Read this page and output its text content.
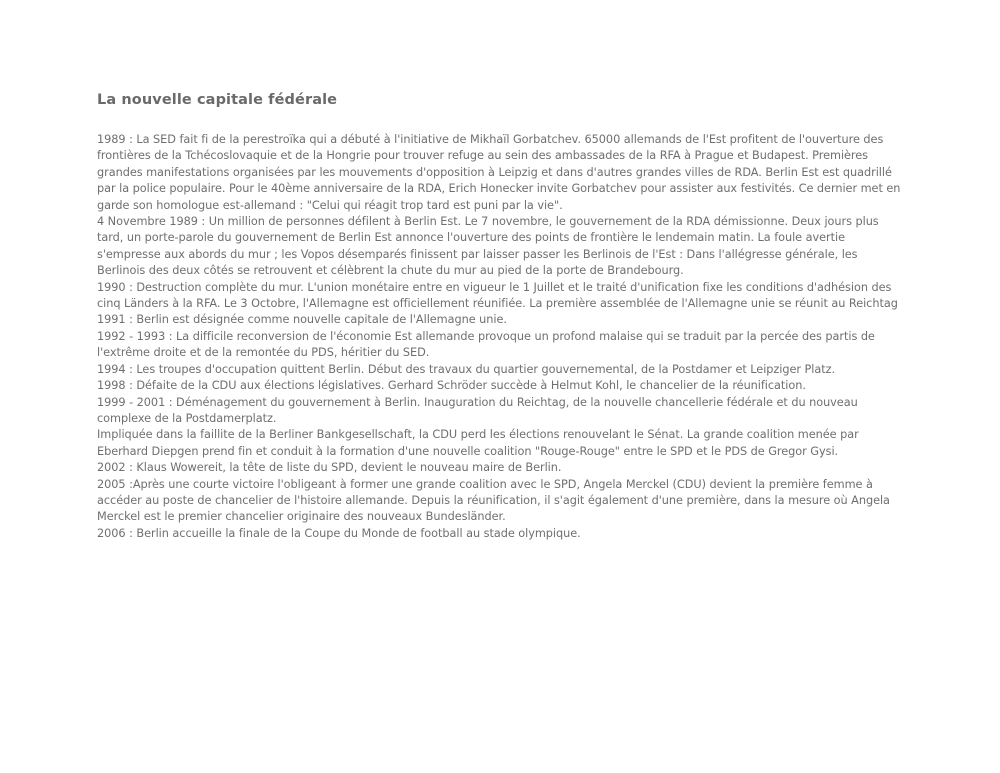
La nouvelle capitale fédérale

1989 : La SED fait fi de la perestroïka qui a débuté à l'initiative de Mikhaïl Gorbatchev. 65000 allemands de l'Est profitent de l'ouverture des frontières de la Tchécoslovaquie et de la Hongrie pour trouver refuge au sein des ambassades de la RFA à Prague et Budapest. Premières grandes manifestations organisées par les mouvements d'opposition à Leipzig et dans d'autres grandes villes de RDA. Berlin Est est quadrillé par la police populaire. Pour le 40ème anniversaire de la RDA, Erich Honecker invite Gorbatchev pour assister aux festivités. Ce dernier met en garde son homologue est-allemand : "Celui qui réagit trop tard est puni par la vie".

4 Novembre 1989 : Un million de personnes défilent à Berlin Est. Le 7 novembre, le gouvernement de la RDA démissionne. Deux jours plus tard, un porte-parole du gouvernement de Berlin Est annonce l'ouverture des points de frontière le lendemain matin. La foule avertie s'empresse aux abords du mur ; les Vopos désemparés finissent par laisser passer les Berlinois de l'Est : Dans l'allégresse générale, les Berlinois des deux côtés se retrouvent et célèbrent la chute du mur au pied de la porte de Brandebourg.

1990 : Destruction complète du mur. L'union monétaire entre en vigueur le 1 Juillet et le traité d'unification fixe les conditions d'adhésion des cinq Länders à la RFA. Le 3 Octobre, l'Allemagne est officiellement réunifiée. La première assemblée de l'Allemagne unie se réunit au Reichtag

1991 : Berlin est désignée comme nouvelle capitale de l'Allemagne unie.

1992 - 1993 : La difficile reconversion de l'économie Est allemande provoque un profond malaise qui se traduit par la percée des partis de l'extrême droite et de la remontée du PDS, héritier du SED.

1994 : Les troupes d'occupation quittent Berlin. Début des travaux du quartier gouvernemental, de la Postdamer et Leipziger Platz.

1998 : Défaite de la CDU aux élections législatives. Gerhard Schröder succède à Helmut Kohl, le chancelier de la réunification.

1999 - 2001 : Déménagement du gouvernement à Berlin. Inauguration du Reichtag, de la nouvelle chancellerie fédérale et du nouveau complexe de la Postdamerplatz.

Impliquée dans la faillite de la Berliner Bankgesellschaft, la CDU perd les élections renouvelant le Sénat. La grande coalition menée par Eberhard Diepgen prend fin et conduit à la formation d'une nouvelle coalition "Rouge-Rouge" entre le SPD et le PDS de Gregor Gysi.

2002 : Klaus Wowereit, la tête de liste du SPD, devient le nouveau maire de Berlin.

2005 :Après une courte victoire l'obligeant à former une grande coalition avec le SPD, Angela Merckel (CDU) devient la première femme à accéder au poste de chancelier de l'histoire allemande. Depuis la réunification, il s'agit également d'une première, dans la mesure où Angela Merckel est le premier chancelier originaire des nouveaux Bundesländer.

2006 : Berlin accueille la finale de la Coupe du Monde de football au stade olympique.
